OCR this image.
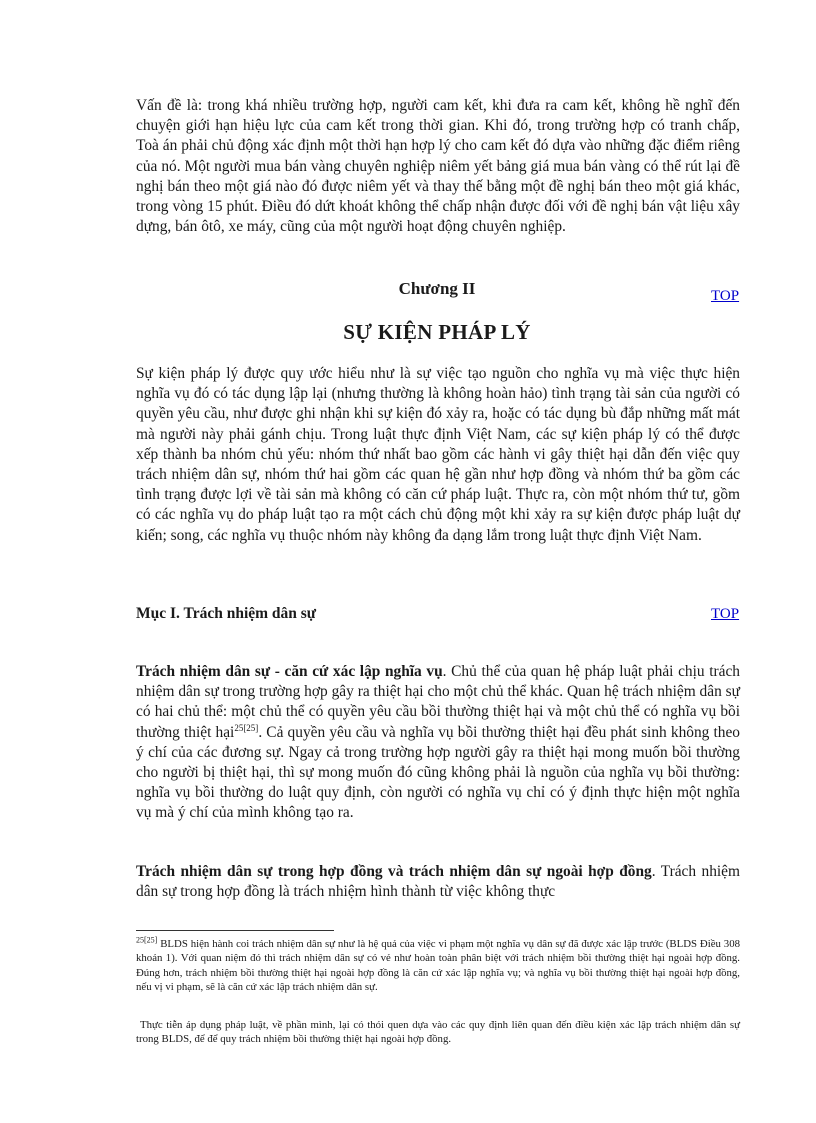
Vấn đề là: trong khá nhiều trường hợp, người cam kết, khi đưa ra cam kết, không hề nghĩ đến chuyện giới hạn hiệu lực của cam kết trong thời gian. Khi đó, trong trường hợp có tranh chấp, Toà án phải chủ động xác định một thời hạn hợp lý cho cam kết đó dựa vào những đặc điểm riêng của nó. Một người mua bán vàng chuyên nghiệp niêm yết bảng giá mua bán vàng có thể rút lại đề nghị bán theo một giá nào đó được niêm yết và thay thế bằng một đề nghị bán theo một giá khác, trong vòng 15 phút. Điều đó dứt khoát không thể chấp nhận được đối với đề nghị bán vật liệu xây dựng, bán ôtô, xe máy, cũng của một người hoạt động chuyên nghiệp.

Chương II	TOP

SỰ KIỆN PHÁP LÝ

Sự kiện pháp lý được quy ước hiểu như là sự việc tạo nguồn cho nghĩa vụ mà việc thực hiện nghĩa vụ đó có tác dụng lập lại (nhưng thường là không hoàn hảo) tình trạng tài sản của người có quyền yêu cầu, như được ghi nhận khi sự kiện đó xảy ra, hoặc có tác dụng bù đắp những mất mát mà người này phải gánh chịu. Trong luật thực định Việt Nam, các sự kiện pháp lý có thể được xếp thành ba nhóm chủ yếu: nhóm thứ nhất bao gồm các hành vi gây thiệt hại dẫn đến việc quy trách nhiệm dân sự, nhóm thứ hai gồm các quan hệ gần như hợp đồng và nhóm thứ ba gồm các tình trạng được lợi về tài sản mà không có căn cứ pháp luật. Thực ra, còn một nhóm thứ tư, gồm có các nghĩa vụ do pháp luật tạo ra một cách chủ động một khi xảy ra sự kiện được pháp luật dự kiến; song, các nghĩa vụ thuộc nhóm này không đa dạng lắm trong luật thực định Việt Nam.

Mục I. Trách nhiệm dân sự	TOP

Trách nhiệm dân sự - căn cứ xác lập nghĩa vụ. Chủ thể của quan hệ pháp luật phải chịu trách nhiệm dân sự trong trường hợp gây ra thiệt hại cho một chủ thể khác. Quan hệ trách nhiệm dân sự có hai chủ thể: một chủ thể có quyền yêu cầu bồi thường thiệt hại và một chủ thể có nghĩa vụ bồi thường thiệt hại$^{25[25]}$. Cả quyền yêu cầu và nghĩa vụ bồi thường thiệt hại đều phát sinh không theo ý chí của các đương sự. Ngay cả trong trường hợp người gây ra thiệt hại mong muốn bồi thường cho người bị thiệt hại, thì sự mong muốn đó cũng không phải là nguồn của nghĩa vụ bồi thường: nghĩa vụ bồi thường do luật quy định, còn người có nghĩa vụ chỉ có ý định thực hiện một nghĩa vụ mà ý chí của mình không tạo ra.

Trách nhiệm dân sự trong hợp đồng và trách nhiệm dân sự ngoài hợp đồng. Trách nhiệm dân sự trong hợp đồng là trách nhiệm hình thành từ việc không thực

$^{25[25]}$ BLDS hiện hành coi trách nhiệm dân sự như là hệ quả của việc vi phạm một nghĩa vụ dân sự đã được xác lập trước (BLDS Điều 308 khoản 1). Với quan niệm đó thì trách nhiệm dân sự có vẻ như hoàn toàn phân biệt với trách nhiệm bồi thường thiệt hại ngoài hợp đồng. Đúng hơn, trách nhiệm bồi thường thiệt hại ngoài hợp đồng là căn cứ xác lập nghĩa vụ; và nghĩa vụ bồi thường thiệt hại ngoài hợp đồng, nếu vị vi phạm, sẽ là căn cứ xác lập trách nhiệm dân sự.

Thực tiễn áp dụng pháp luật, về phần mình, lại có thói quen dựa vào các quy định liên quan đến điều kiện xác lập trách nhiệm dân sự trong BLDS, để để quy trách nhiệm bồi thường thiệt hại ngoài hợp đồng.
